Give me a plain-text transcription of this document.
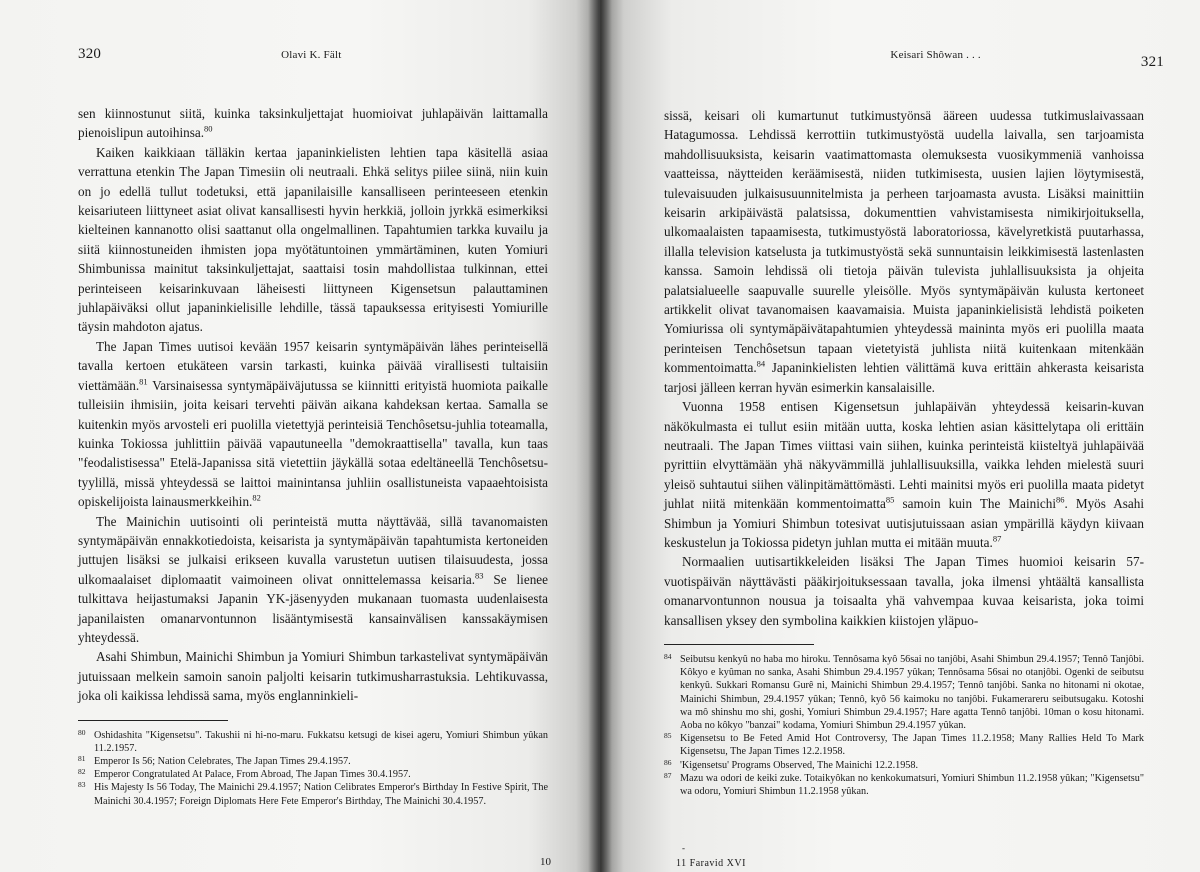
320	Olavi K. Fält

sen kiinnostunut siitä, kuinka taksinkuljettajat huomioivat juhlapäivän laittamalla pienoislipun autoihinsa.$^{80}$

Kaiken kaikkiaan tälläkin kertaa japaninkielisten lehtien tapa käsitellä asiaa verrattuna etenkin The Japan Timesiin oli neutraali. Ehkä selitys piilee siinä, niin kuin on jo edellä tullut todetuksi, että japanilaisille kansalliseen perinteeseen etenkin keisariuteen liittyneet asiat olivat kansallisesti hyvin herkkiä, jolloin jyrkkä esimerkiksi kielteinen kannanotto olisi saattanut olla ongelmallinen. Tapahtumien tarkka kuvailu ja siitä kiinnostuneiden ihmisten jopa myötätuntoinen ymmärtäminen, kuten Yomiuri Shimbunissa mainitut taksinkuljettajat, saattaisi tosin mahdollistaa tulkinnan, ettei perinteiseen keisarinkuvaan läheisesti liittyneen Kigensetsun palauttaminen juhlapäiväksi ollut japaninkielisille lehdille, tässä tapauksessa erityisesti Yomiurille täysin mahdoton ajatus.

The Japan Times uutisoi kevään 1957 keisarin syntymäpäivän lähes perinteisellä tavalla kertoen etukäteen varsin tarkasti, kuinka päivää virallisesti tultaisiin viettämään.$^{81}$ Varsinaisessa syntymäpäiväjutussa se kiinnitti erityistä huomiota paikalle tulleisiin ihmisiin, joita keisari tervehti päivän aikana kahdeksan kertaa. Samalla se kuitenkin myös arvosteli eri puolilla vietettyjä perinteisiä Tenchôsetsu-juhlia toteamalla, kuinka Tokiossa juhlittiin päivää vapautuneella "demokraattisella" tavalla, kun taas "feodalistisessa" Etelä-Japanissa sitä vietettiin jäykällä sotaa edeltäneellä Tenchôsetsu-tyylillä, missä yhteydessä se laittoi mainintansa juhliin osallistuneista vapaaehtoisista opiskelijoista lainausmerkkeihin.$^{82}$

The Mainichin uutisointi oli perinteistä mutta näyttävää, sillä tavanomaisten syntymäpäivän ennakkotiedoista, keisarista ja syntymäpäivän tapahtumista kertoneiden juttujen lisäksi se julkaisi erikseen kuvalla varustetun uutisen tilaisuudesta, jossa ulkomaalaiset diplomaatit vaimoineen olivat onnittelemassa keisaria.$^{83}$ Se lienee tulkittava heijastumaksi Japanin YK-jäsenyyden mukanaan tuomasta uudenlaisesta japanilaisten omanarvontunnon lisääntymisestä kansainvälisen kanssakäymisen yhteydessä.

Asahi Shimbun, Mainichi Shimbun ja Yomiuri Shimbun tarkastelivat syntymäpäivän jutuissaan melkein samoin sanoin paljolti keisarin tutkimusharrastuksia. Lehtikuvassa, joka oli kaikissa lehdissä sama, myös englanninkieli-

80 Oshidashita "Kigensetsu". Takushii ni hi-no-maru. Fukkatsu ketsugi de kisei ageru, Yomiuri Shimbun yûkan 11.2.1957.
81 Emperor Is 56; Nation Celebrates, The Japan Times 29.4.1957.
82 Emperor Congratulated At Palace, From Abroad, The Japan Times 30.4.1957.
83 His Majesty Is 56 Today, The Mainichi 29.4.1957; Nation Celibrates Emperor's Birthday In Festive Spirit, The Mainichi 30.4.1957; Foreign Diplomats Here Fete Emperor's Birthday, The Mainichi 30.4.1957.
10
Keisari Shôwan . . .	321

sissä, keisari oli kumartunut tutkimustyönsä ääreen uudessa tutkimuslaivassaan Hatagumossa. Lehdissä kerrottiin tutkimustyöstä uudella laivalla, sen tarjoamista mahdollisuuksista, keisarin vaatimattomasta olemuksesta vuosikymmeniä vanhoissa vaatteissa, näytteiden keräämisestä, niiden tutkimisesta, uusien lajien löytymisestä, tulevaisuuden julkaisusuunnitelmista ja perheen tarjoamasta avusta. Lisäksi mainittiin keisarin arkipäivästä palatsissa, dokumenttien vahvistamisesta nimikirjoituksella, ulkomaalaisten tapaamisesta, tutkimustyöstä laboratoriossa, kävelyretkistä puutarhassa, illalla television katselusta ja tutkimustyöstä sekä sunnuntaisin leikkimisestä lastenlasten kanssa. Samoin lehdissä oli tietoja päivän tulevista juhlallisuuksista ja ohjeita palatsialueelle saapuvalle suurelle yleisölle. Myös syntymäpäivän kulusta kertoneet artikkelit olivat tavanomaisen kaavamaisia. Muista japaninkielisistä lehdistä poiketen Yomiurissa oli syntymäpäivätapahtumien yhteydessä maininta myös eri puolilla maata perinteisen Tenchôsetsun tapaan vietetyistä juhlista niitä kuitenkaan mitenkään kommentoimatta.$^{84}$ Japaninkielisten lehtien välittämä kuva erittäin ahkerasta keisarista tarjosi jälleen kerran hyvän esimerkin kansalaisille.

Vuonna 1958 entisen Kigensetsun juhlapäivän yhteydessä keisarin-kuvan näkökulmasta ei tullut esiin mitään uutta, koska lehtien asian käsittelytapa oli erittäin neutraali. The Japan Times viittasi vain siihen, kuinka perinteistä kiisteltyä juhlapäivää pyrittiin elvyttämään yhä näkyvämmillä juhlallisuuksilla, vaikka lehden mielestä suuri yleisö suhtautui siihen välinpitämättömästi. Lehti mainitsi myös eri puolilla maata pidetyt juhlat niitä mitenkään kommentoimatta$^{85}$ samoin kuin The Mainichi$^{86}$. Myös Asahi Shimbun ja Yomiuri Shimbun totesivat uutisjutuissaan asian ympärillä käydyn kiivaan keskustelun ja Tokiossa pidetyn juhlan mutta ei mitään muuta.$^{87}$

Normaalien uutisartikkeleiden lisäksi The Japan Times huomioi keisarin 57-vuotispäivän näyttävästi pääkirjoituksessaan tavalla, joka ilmensi yhtäältä kansallista omanarvontunnon nousua ja toisaalta yhä vahvempaa kuvaa keisarista, joka toimi kansallisen yksey den symbolina kaikkien kiistojen yläpuo-

84 Seibutsu kenkyû no haba mo hiroku. Tennôsama kyô 56sai no tanjôbi, Asahi Shimbun 29.4.1957; Tennô Tanjôbi. Kôkyo e kyûman no sanka, Asahi Shimbun 29.4.1957 yûkan; Tennôsama 56sai no otanjôbi. Ogenki de seibutsu kenkyû. Sukkari Romansu Gurê ni, Mainichi Shimbun 29.4.1957; Tennô tanjôbi. Sanka no hitonami ni okotae, Mainichi Shimbun, 29.4.1957 yûkan; Tennô, kyô 56 kaimoku no tanjôbi. Fukamerareru seibutsugaku. Kotoshi wa mô shinshu mo shi, goshi, Yomiuri Shimbun 29.4.1957; Hare agatta Tennô tanjôbi. 10man o kosu hitonami. Aoba no kôkyo "banzai" kodama, Yomiuri Shimbun 29.4.1957 yûkan.
85 Kigensetsu to Be Feted Amid Hot Controversy, The Japan Times 11.2.1958; Many Rallies Held To Mark Kigensetsu, The Japan Times 12.2.1958.
86 'Kigensetsu' Programs Observed, The Mainichi 12.2.1958.
87 Mazu wa odori de keiki zuke. Totaikyôkan no kenkokumatsuri, Yomiuri Shimbun 11.2.1958 yûkan; "Kigensetsu" wa odoru, Yomiuri Shimbun 11.2.1958 yûkan.
-
11 Faravid XVI
